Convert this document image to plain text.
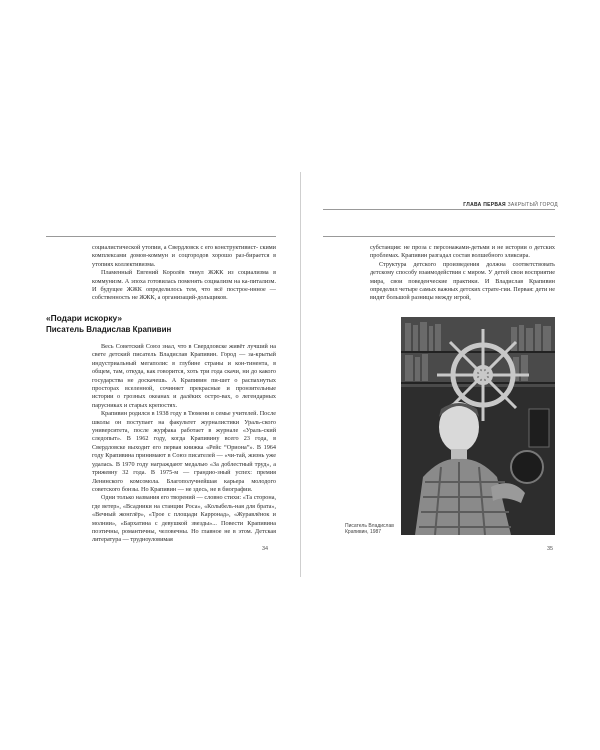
ГЛАВА ПЕРВАЯ ЗАКРЫТЫЙ ГОРОД

социалистической утопии, а Свердловск с его конструктивист- скими комплексами домов-коммун и соцгородов хорошо раз-бирается в утопиях коллективизма.

Пламенный Евгений Королёв тянул ЖЖК из социализма в коммунизм. А эпоха готовилась поменять социализм на ка-питализм. И будущее ЖЖК определилось тем, что всё построе-ннное — собственность не ЖЖК, а организаций-дольщиков.

«Подари искорку»
Писатель Владислав Крапивин

Весь Советский Союз знал, что в Свердловске живёт лучший на свете детский писатель Владислав Крапивин. Город — за-крытый индустриальный мегаполис в глубине страны и кон-тинента, в общем, там, откуда, как говорится, хоть три года скачи, ни до какого государства не доскачешь. А Крапивин пи-шет о распахнутых просторах вселенной, сочиняет прекрасные и пронзительные истории о грозных океанах и далёких остро-вах, о легендарных парусниках и старых крепостях.

Крапивин родился в 1938 году в Тюмени в семье учителей. После школы он поступает на факультет журналистики Ураль-ского университета, после журфака работает в журнале «Ураль-ский следопыт». В 1962 году, когда Крапивину всего 23 года, в Свердловске выходит его первая книжка «Рейс “Ориона”». В 1964 году Крапивина принимают в Союз писателей — «чи-тай, жизнь уже удалась. В 1970 году награждают медалью «За доблестный труд», а трижевну 32 года. В 1975-м — грандио-зный успех: премия Ленинского комсомола. Благополучнейшая карьера молодого советского бонзы. Но Крапивин — не здесь, не в биографии.

Одни только названия его творений — словно стихи: «Та сторона, где ветер», «Всадники на станции Роса», «Колыбель-ная для брата», «Вечный жонглёр», «Трое с площади Карронад», «Журавлёнок и молнии», «Бархатина с девушкой звезды»... Повести Крапивина поэтичны, романтичны, человечны. Но главное не в этом. Детская литература — трудноуловимая

34

субстанция: не проза с персонажами-детьми и не истории о детских проблемах. Крапивин разгадал состав волшебного эликсира.

Структура детского произведения должна соответствовать детскому способу взаимодействия с миром. У детей свои восприятие мира, свои поведенческие практики. И Владислав Крапивин определил четыре самых важных детских страте-гии. Первая: дети не видят большой разницы между игрой,

Писатель Владислав Крапивин, 1987
35
